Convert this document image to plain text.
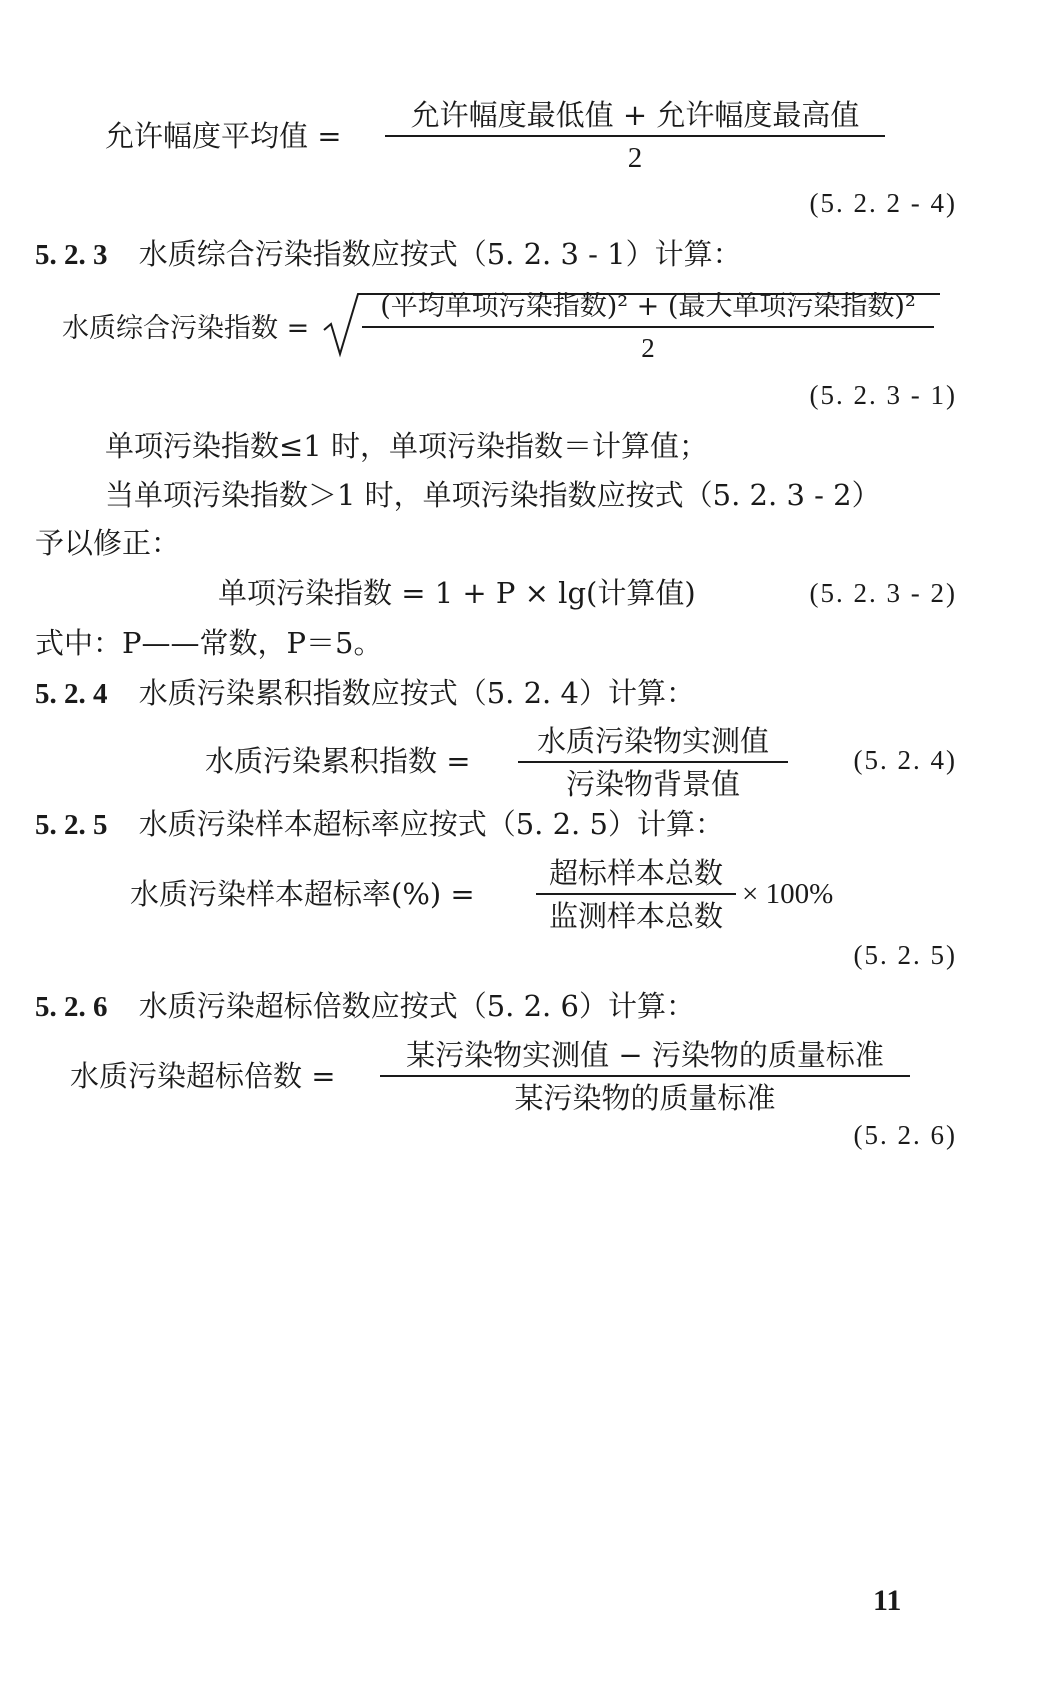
允许幅度平均值 =
允许幅度最低值 + 允许幅度最高值
2
(5. 2. 2 - 4)
5. 2. 3 水质综合污染指数应按式（5. 2. 3 - 1）计算：
水质综合污染指数 =
(平均单项污染指数)² + (最大单项污染指数)²
2
(5. 2. 3 - 1)
单项污染指数≤1 时，单项污染指数＝计算值；
当单项污染指数＞1 时，单项污染指数应按式（5. 2. 3 - 2）
予以修正：
单项污染指数 = 1 + P × lg(计算值)	(5. 2. 3 - 2)
式中：P——常数，P＝5。
5. 2. 4 水质污染累积指数应按式（5. 2. 4）计算：
水质污染累积指数 =
水质污染物实测值
污染物背景值
(5. 2. 4)
5. 2. 5 水质污染样本超标率应按式（5. 2. 5）计算：
水质污染样本超标率(%) =
超标样本总数
监测样本总数
× 100%
(5. 2. 5)
5. 2. 6 水质污染超标倍数应按式（5. 2. 6）计算：
水质污染超标倍数 =
某污染物实测值 − 污染物的质量标准
某污染物的质量标准
(5. 2. 6)
11
